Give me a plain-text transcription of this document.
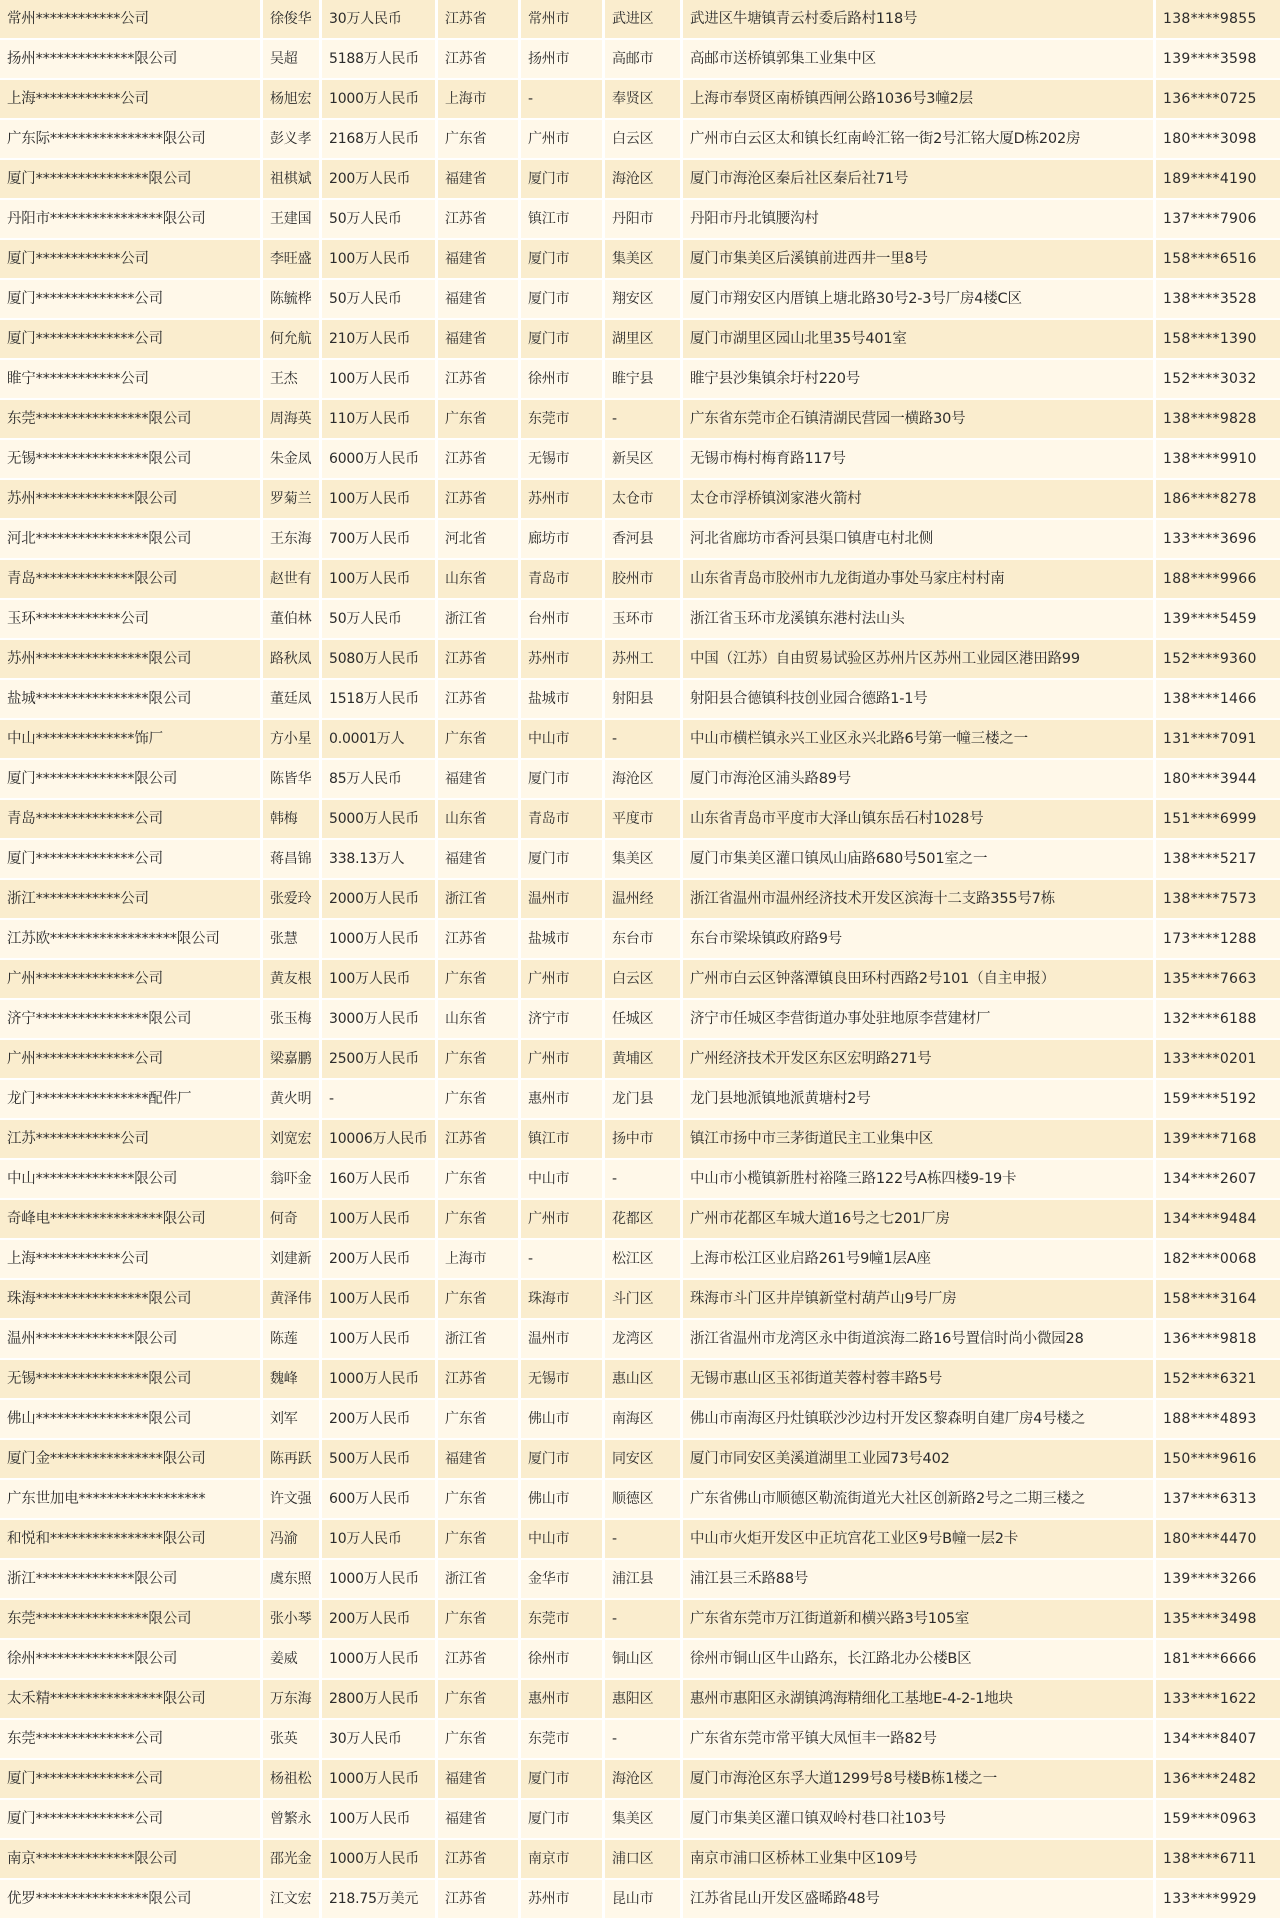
常州************公司	徐俊华	30万人民币	江苏省	常州市	武进区	武进区牛塘镇青云村委后路村118号	138****9855
扬州**************限公司	吴超	5188万人民币	江苏省	扬州市	高邮市	高邮市送桥镇郭集工业集中区	139****3598
上海************公司	杨旭宏	1000万人民币	上海市	-	奉贤区	上海市奉贤区南桥镇西闸公路1036号3幢2层	136****0725
广东际****************限公司	彭义孝	2168万人民币	广东省	广州市	白云区	广州市白云区太和镇长红南岭汇铭一街2号汇铭大厦D栋202房	180****3098
厦门****************限公司	祖棋斌	200万人民币	福建省	厦门市	海沧区	厦门市海沧区秦后社区秦后社71号	189****4190
丹阳市****************限公司	王建国	50万人民币	江苏省	镇江市	丹阳市	丹阳市丹北镇腰沟村	137****7906
厦门************公司	李旺盛	100万人民币	福建省	厦门市	集美区	厦门市集美区后溪镇前进西井一里8号	158****6516
厦门**************公司	陈毓桦	50万人民币	福建省	厦门市	翔安区	厦门市翔安区内厝镇上塘北路30号2-3号厂房4楼C区	138****3528
厦门**************公司	何允航	210万人民币	福建省	厦门市	湖里区	厦门市湖里区园山北里35号401室	158****1390
睢宁************公司	王杰	100万人民币	江苏省	徐州市	睢宁县	睢宁县沙集镇余圩村220号	152****3032
东莞****************限公司	周海英	110万人民币	广东省	东莞市	-	广东省东莞市企石镇清湖民营园一横路30号	138****9828
无锡****************限公司	朱金凤	6000万人民币	江苏省	无锡市	新吴区	无锡市梅村梅育路117号	138****9910
苏州**************限公司	罗菊兰	100万人民币	江苏省	苏州市	太仓市	太仓市浮桥镇浏家港火箭村	186****8278
河北****************限公司	王东海	700万人民币	河北省	廊坊市	香河县	河北省廊坊市香河县渠口镇唐屯村北侧	133****3696
青岛**************限公司	赵世有	100万人民币	山东省	青岛市	胶州市	山东省青岛市胶州市九龙街道办事处马家庄村村南	188****9966
玉环************公司	董伯林	50万人民币	浙江省	台州市	玉环市	浙江省玉环市龙溪镇东港村法山头	139****5459
苏州****************限公司	路秋凤	5080万人民币	江苏省	苏州市	苏州工	中国（江苏）自由贸易试验区苏州片区苏州工业园区港田路99	152****9360
盐城****************限公司	董廷凤	1518万人民币	江苏省	盐城市	射阳县	射阳县合德镇科技创业园合德路1-1号	138****1466
中山**************饰厂	方小星	0.0001万人	广东省	中山市	-	中山市横栏镇永兴工业区永兴北路6号第一幢三楼之一	131****7091
厦门**************限公司	陈皆华	85万人民币	福建省	厦门市	海沧区	厦门市海沧区浦头路89号	180****3944
青岛**************公司	韩梅	5000万人民币	山东省	青岛市	平度市	山东省青岛市平度市大泽山镇东岳石村1028号	151****6999
厦门**************公司	蒋昌锦	338.13万人	福建省	厦门市	集美区	厦门市集美区灌口镇凤山庙路680号501室之一	138****5217
浙江************公司	张爱玲	2000万人民币	浙江省	温州市	温州经	浙江省温州市温州经济技术开发区滨海十二支路355号7栋	138****7573
江苏欧******************限公司	张慧	1000万人民币	江苏省	盐城市	东台市	东台市梁垛镇政府路9号	173****1288
广州**************公司	黄友根	100万人民币	广东省	广州市	白云区	广州市白云区钟落潭镇良田环村西路2号101（自主申报）	135****7663
济宁****************限公司	张玉梅	3000万人民币	山东省	济宁市	任城区	济宁市任城区李营街道办事处驻地原李营建材厂	132****6188
广州**************公司	梁嘉鹏	2500万人民币	广东省	广州市	黄埔区	广州经济技术开发区东区宏明路271号	133****0201
龙门****************配件厂	黄火明	-	广东省	惠州市	龙门县	龙门县地派镇地派黄塘村2号	159****5192
江苏************公司	刘宽宏	10006万人民币	江苏省	镇江市	扬中市	镇江市扬中市三茅街道民主工业集中区	139****7168
中山**************限公司	翁吓金	160万人民币	广东省	中山市	-	中山市小榄镇新胜村裕隆三路122号A栋四楼9-19卡	134****2607
奇峰电****************限公司	何奇	100万人民币	广东省	广州市	花都区	广州市花都区车城大道16号之七201厂房	134****9484
上海************公司	刘建新	200万人民币	上海市	-	松江区	上海市松江区业启路261号9幢1层A座	182****0068
珠海****************限公司	黄泽伟	100万人民币	广东省	珠海市	斗门区	珠海市斗门区井岸镇新堂村葫芦山9号厂房	158****3164
温州**************限公司	陈莲	100万人民币	浙江省	温州市	龙湾区	浙江省温州市龙湾区永中街道滨海二路16号置信时尚小微园28	136****9818
无锡****************限公司	魏峰	1000万人民币	江苏省	无锡市	惠山区	无锡市惠山区玉祁街道芙蓉村蓉丰路5号	152****6321
佛山****************限公司	刘军	200万人民币	广东省	佛山市	南海区	佛山市南海区丹灶镇联沙沙边村开发区黎森明自建厂房4号楼之	188****4893
厦门金****************限公司	陈再跃	500万人民币	福建省	厦门市	同安区	厦门市同安区美溪道湖里工业园73号402	150****9616
广东世加电******************	许文强	600万人民币	广东省	佛山市	顺德区	广东省佛山市顺德区勒流街道光大社区创新路2号之二期三楼之	137****6313
和悦和****************限公司	冯渝	10万人民币	广东省	中山市	-	中山市火炬开发区中正坑宫花工业区9号B幢一层2卡	180****4470
浙江**************限公司	虞东照	1000万人民币	浙江省	金华市	浦江县	浦江县三禾路88号	139****3266
东莞****************限公司	张小琴	200万人民币	广东省	东莞市	-	广东省东莞市万江街道新和横兴路3号105室	135****3498
徐州**************限公司	姜威	1000万人民币	江苏省	徐州市	铜山区	徐州市铜山区牛山路东，长江路北办公楼B区	181****6666
太禾精****************限公司	万东海	2800万人民币	广东省	惠州市	惠阳区	惠州市惠阳区永湖镇鸿海精细化工基地E-4-2-1地块	133****1622
东莞**************公司	张英	30万人民币	广东省	东莞市	-	广东省东莞市常平镇大凤恒丰一路82号	134****8407
厦门**************公司	杨祖松	1000万人民币	福建省	厦门市	海沧区	厦门市海沧区东孚大道1299号8号楼B栋1楼之一	136****2482
厦门**************公司	曾繁永	100万人民币	福建省	厦门市	集美区	厦门市集美区灌口镇双岭村巷口社103号	159****0963
南京**************限公司	邵光金	1000万人民币	江苏省	南京市	浦口区	南京市浦口区桥林工业集中区109号	138****6711
优罗****************限公司	江文宏	218.75万美元	江苏省	苏州市	昆山市	江苏省昆山开发区盛晞路48号	133****9929
